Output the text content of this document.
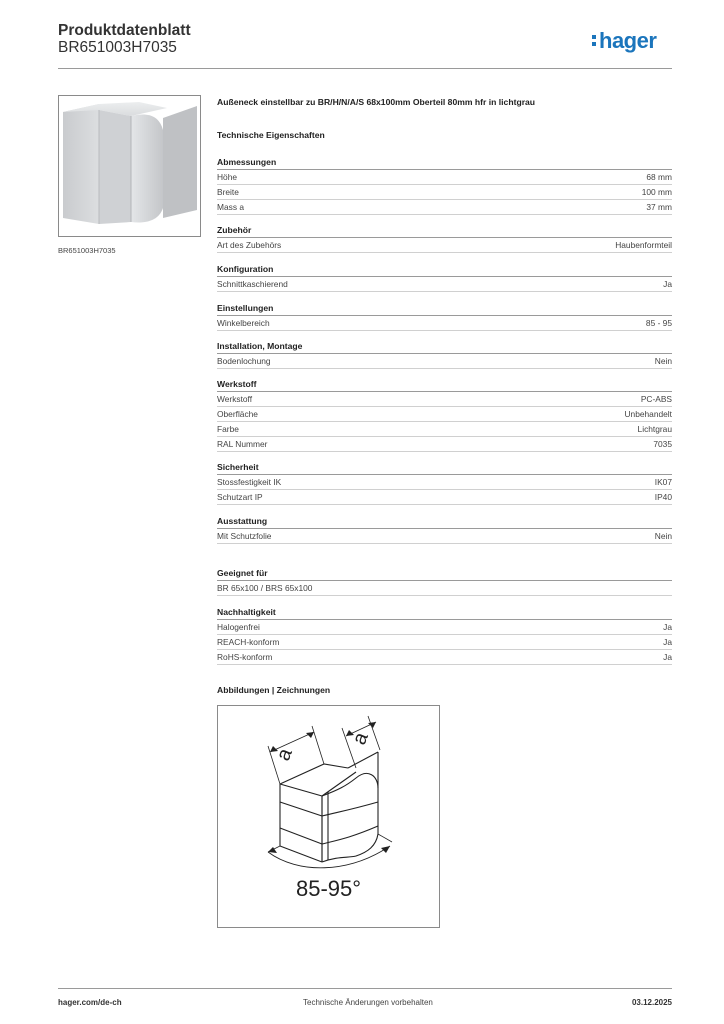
Produktdatenblatt
BR651003H7035	hager
BR651003H7035
Außeneck einstellbar zu BR/H/N/A/S 68x100mm Oberteil 80mm hfr in lichtgrau
Technische Eigenschaften
Abmessungen
Höhe	68 mm
Breite	100 mm
Mass a	37 mm
Zubehör
Art des Zubehörs	Haubenformteil
Konfiguration
Schnittkaschierend	Ja
Einstellungen
Winkelbereich	85 - 95
Installation, Montage
Bodenlochung	Nein
Werkstoff
Werkstoff	PC-ABS
Oberfläche	Unbehandelt
Farbe	Lichtgrau
RAL Nummer	7035
Sicherheit
Stossfestigkeit IK	IK07
Schutzart IP	IP40
Ausstattung
Mit Schutzfolie	Nein
Geeignet für
BR 65x100 / BRS 65x100
Nachhaltigkeit
Halogenfrei	Ja
REACH-konform	Ja
RoHS-konform	Ja
Abbildungen | Zeichnungen
a
a
85-95°
hager.com/de-ch	Technische Änderungen vorbehalten	03.12.2025
